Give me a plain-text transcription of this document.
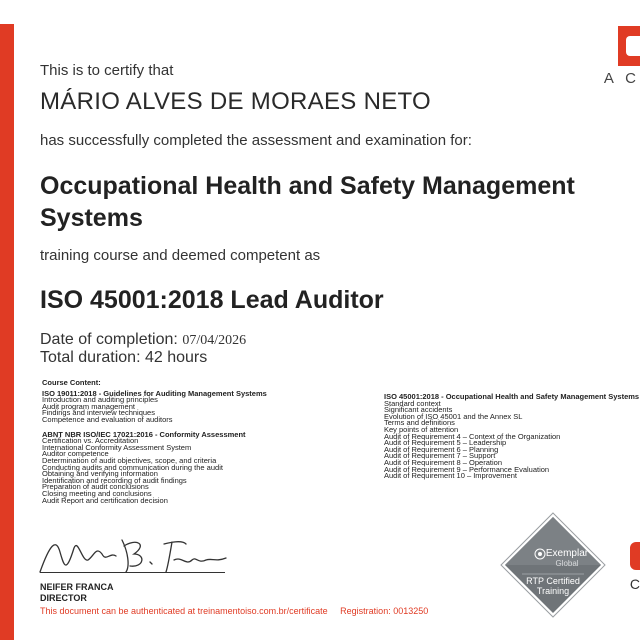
A C
This is to certify that
MÁRIO ALVES DE MORAES NETO
has successfully completed the assessment and examination for:
Occupational Health and Safety Management
Systems
training course and deemed competent as
ISO 45001:2018 Lead Auditor
Date of completion: 07/04/2026
Total duration: 42 hours
Course Content:
ISO 19011:2018 - Guidelines for Auditing Management Systems
Introduction and auditing principles
Audit program management
Findings and interview techniques
Competence and evaluation of auditors
ABNT NBR ISO/IEC 17021:2016 - Conformity Assessment
Certification vs. Accreditation
International Conformity Assessment System
Auditor competence
Determination of audit objectives, scope, and criteria
Conducting audits and communication during the audit
Obtaining and verifying information
Identification and recording of audit findings
Preparation of audit conclusions
Closing meeting and conclusions
Audit Report and certification decision
ISO 45001:2018 - Occupational Health and Safety Management Systems
Standard context
Significant accidents
Evolution of ISO 45001 and the Annex SL
Terms and definitions
Key points of attention
Audit of Requirement 4 – Context of the Organization
Audit of Requirement 5 – Leadership
Audit of Requirement 6 – Planning
Audit of Requirement 7 – Support
Audit of Requirement 8 – Operation
Audit of Requirement 9 – Performance Evaluation
Audit of Requirement 10 – Improvement
NEIFER FRANCA
DIRECTOR
This document can be authenticated at treinamentoiso.com.br/certificate Registration: 0013250
Exemplar
Global
RTP Certified
Training	C
